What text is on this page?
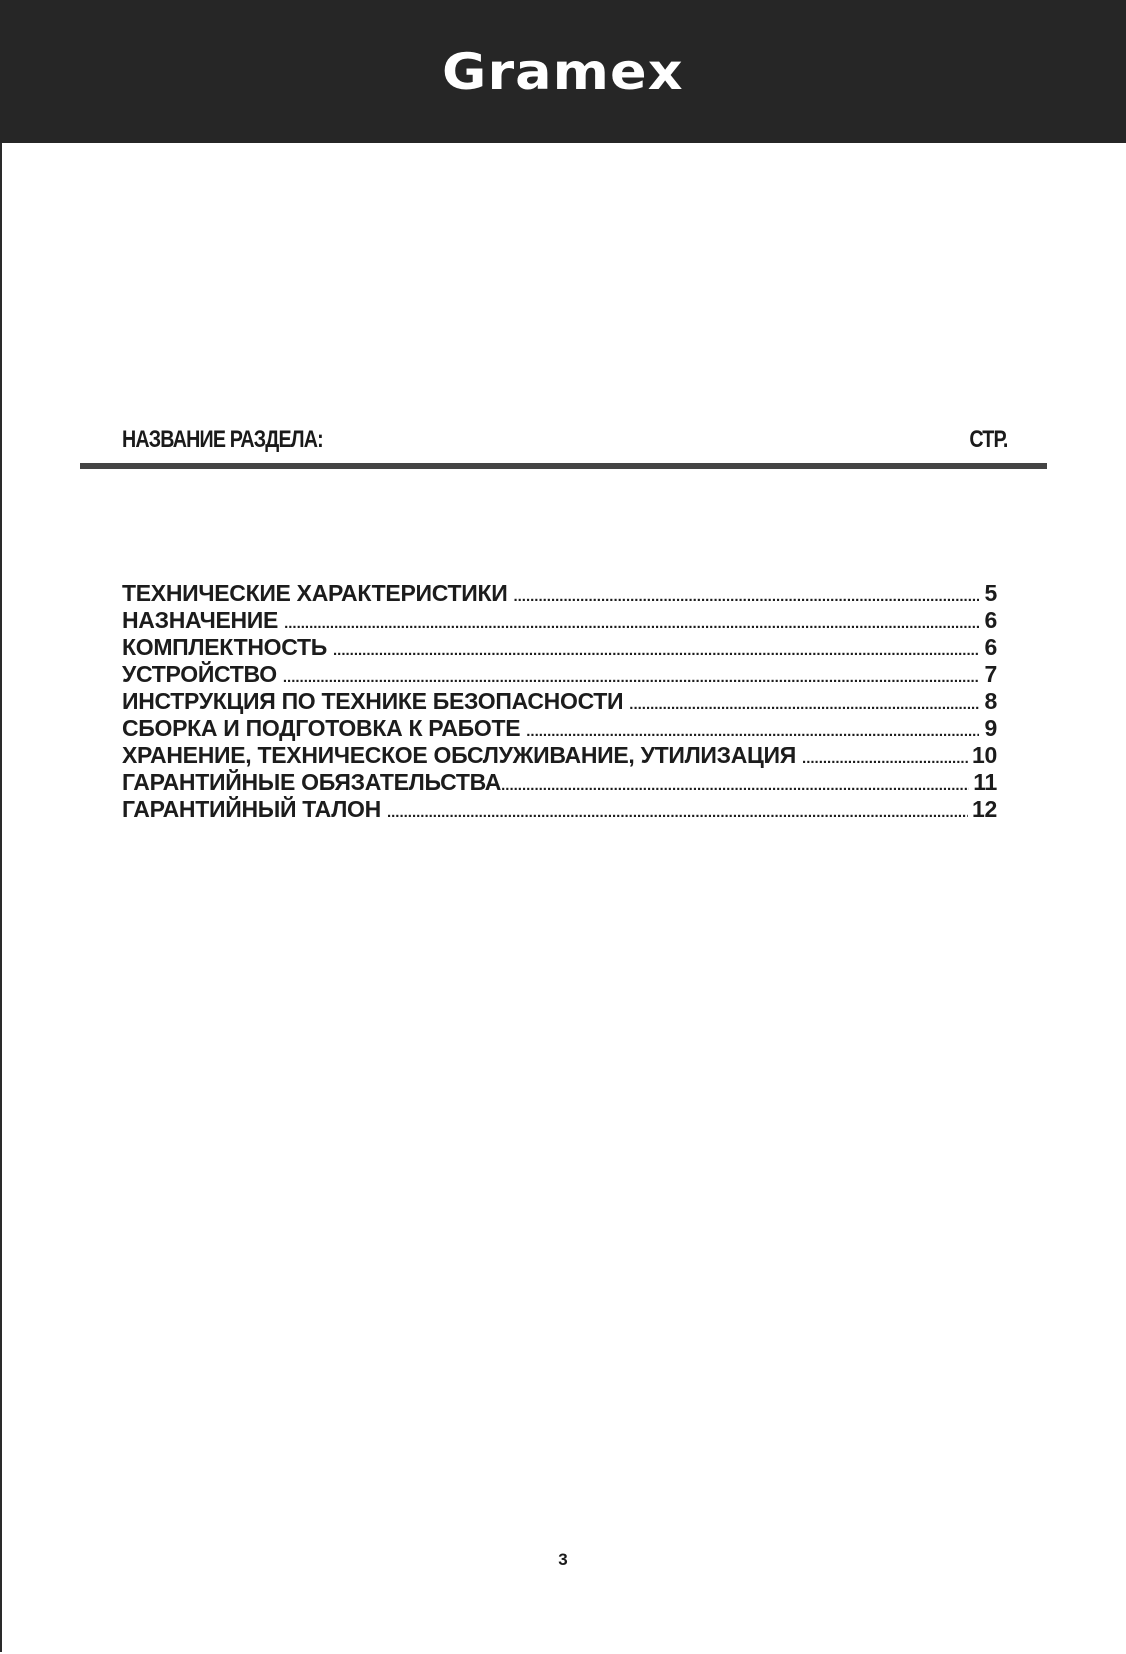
Gramex
НАЗВАНИЕ РАЗДЕЛА:	СТР.
ТЕХНИЧЕСКИЕ ХАРАКТЕРИСТИКИ .....	5
НАЗНАЧЕНИЕ .....	6
КОМПЛЕКТНОСТЬ .....	6
УСТРОЙСТВО .....	7
ИНСТРУКЦИЯ ПО ТЕХНИКЕ БЕЗОПАСНОСТИ .....	8
СБОРКА И ПОДГОТОВКА К РАБОТЕ .....	9
ХРАНЕНИЕ, ТЕХНИЧЕСКОЕ ОБСЛУЖИВАНИЕ, УТИЛИЗАЦИЯ .....	10
ГАРАНТИЙНЫЕ ОБЯЗАТЕЛЬСТВА .....	11
ГАРАНТИЙНЫЙ ТАЛОН .....	12
3
